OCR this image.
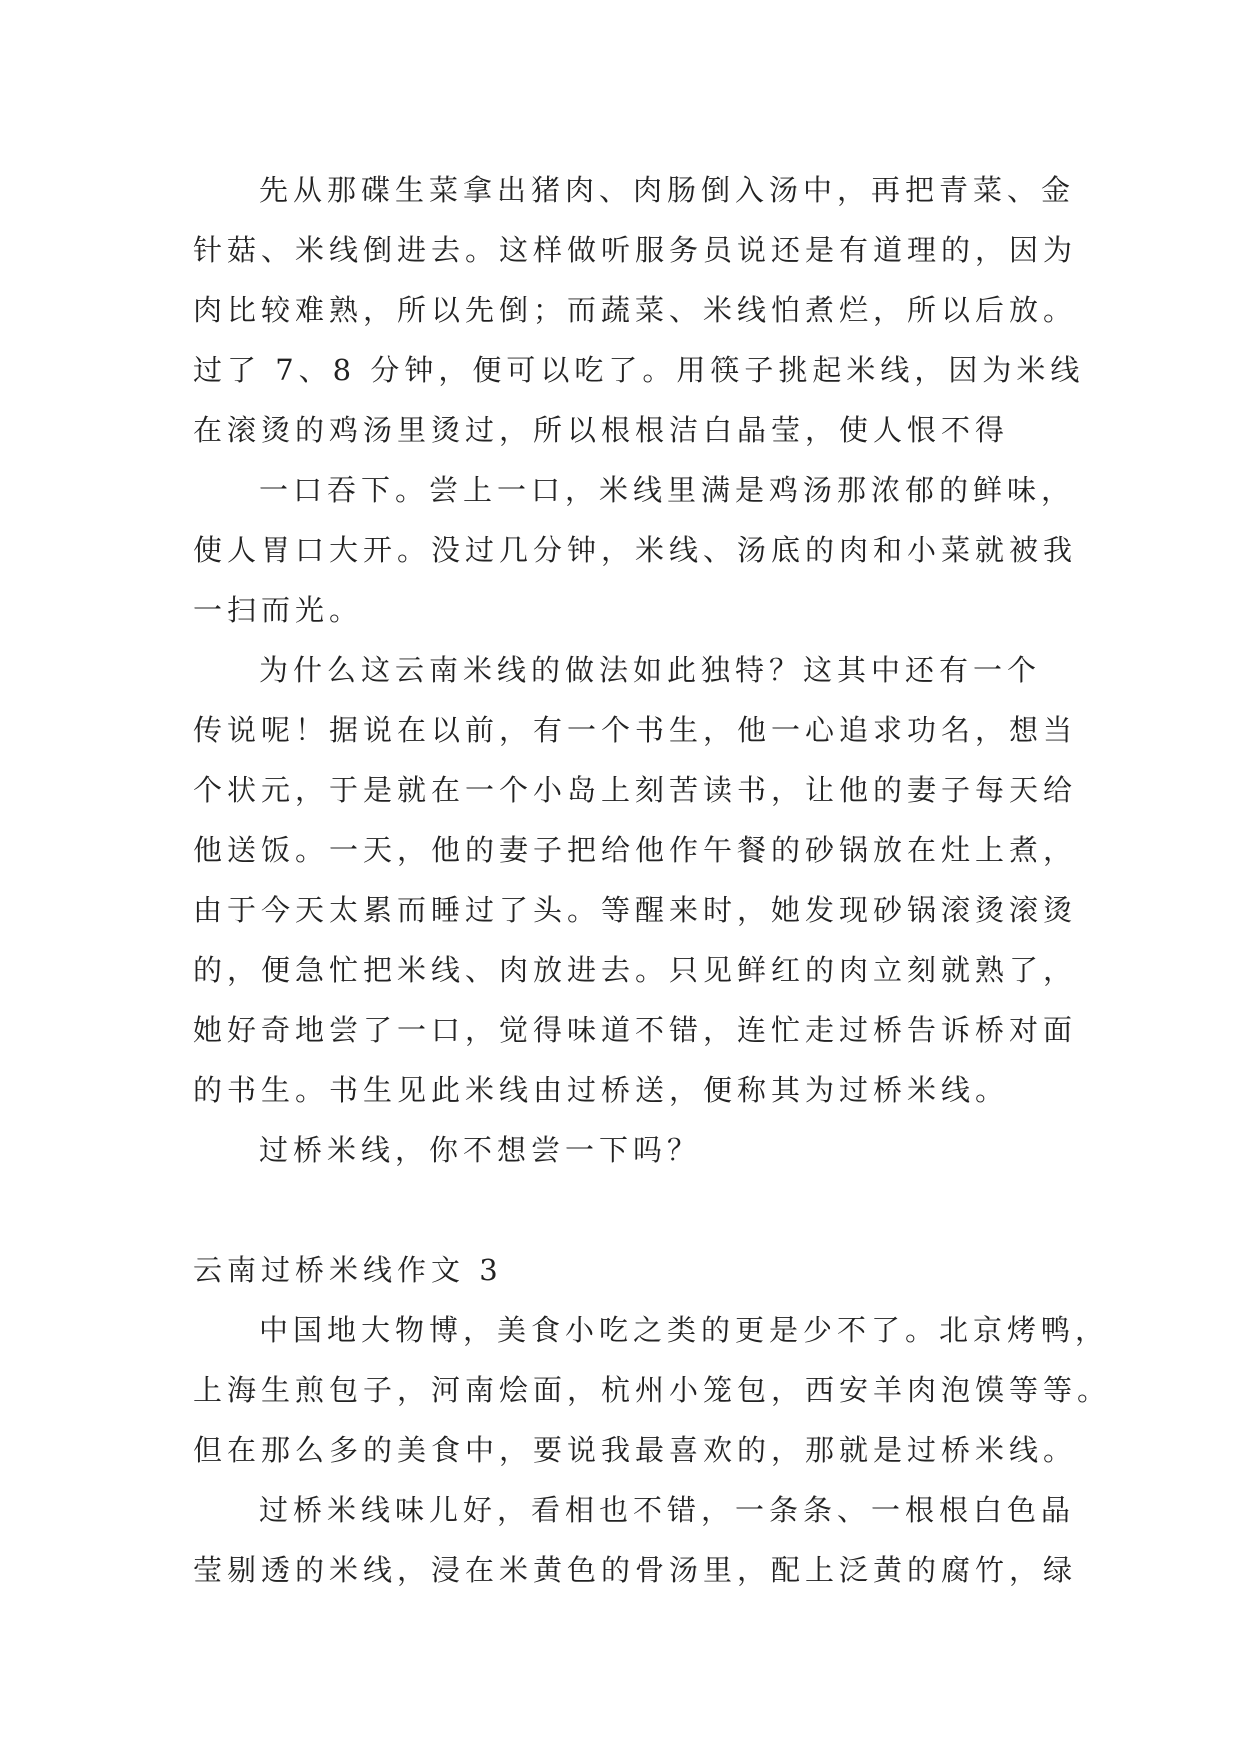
先从那碟生菜拿出猪肉、肉肠倒入汤中，再把青菜、金
针菇、米线倒进去。这样做听服务员说还是有道理的，因为
肉比较难熟，所以先倒；而蔬菜、米线怕煮烂，所以后放。
过了 7、8 分钟，便可以吃了。用筷子挑起米线，因为米线
在滚烫的鸡汤里烫过，所以根根洁白晶莹，使人恨不得
一口吞下。尝上一口，米线里满是鸡汤那浓郁的鲜味，
使人胃口大开。没过几分钟，米线、汤底的肉和小菜就被我
一扫而光。
为什么这云南米线的做法如此独特？这其中还有一个
传说呢！据说在以前，有一个书生，他一心追求功名，想当
个状元，于是就在一个小岛上刻苦读书，让他的妻子每天给
他送饭。一天，他的妻子把给他作午餐的砂锅放在灶上煮，
由于今天太累而睡过了头。等醒来时，她发现砂锅滚烫滚烫
的，便急忙把米线、肉放进去。只见鲜红的肉立刻就熟了，
她好奇地尝了一口，觉得味道不错，连忙走过桥告诉桥对面
的书生。书生见此米线由过桥送，便称其为过桥米线。
过桥米线，你不想尝一下吗？
云南过桥米线作文 3
中国地大物博，美食小吃之类的更是少不了。北京烤鸭，
上海生煎包子，河南烩面，杭州小笼包，西安羊肉泡馍等等。
但在那么多的美食中，要说我最喜欢的，那就是过桥米线。
过桥米线味儿好，看相也不错，一条条、一根根白色晶
莹剔透的米线，浸在米黄色的骨汤里，配上泛黄的腐竹，绿
